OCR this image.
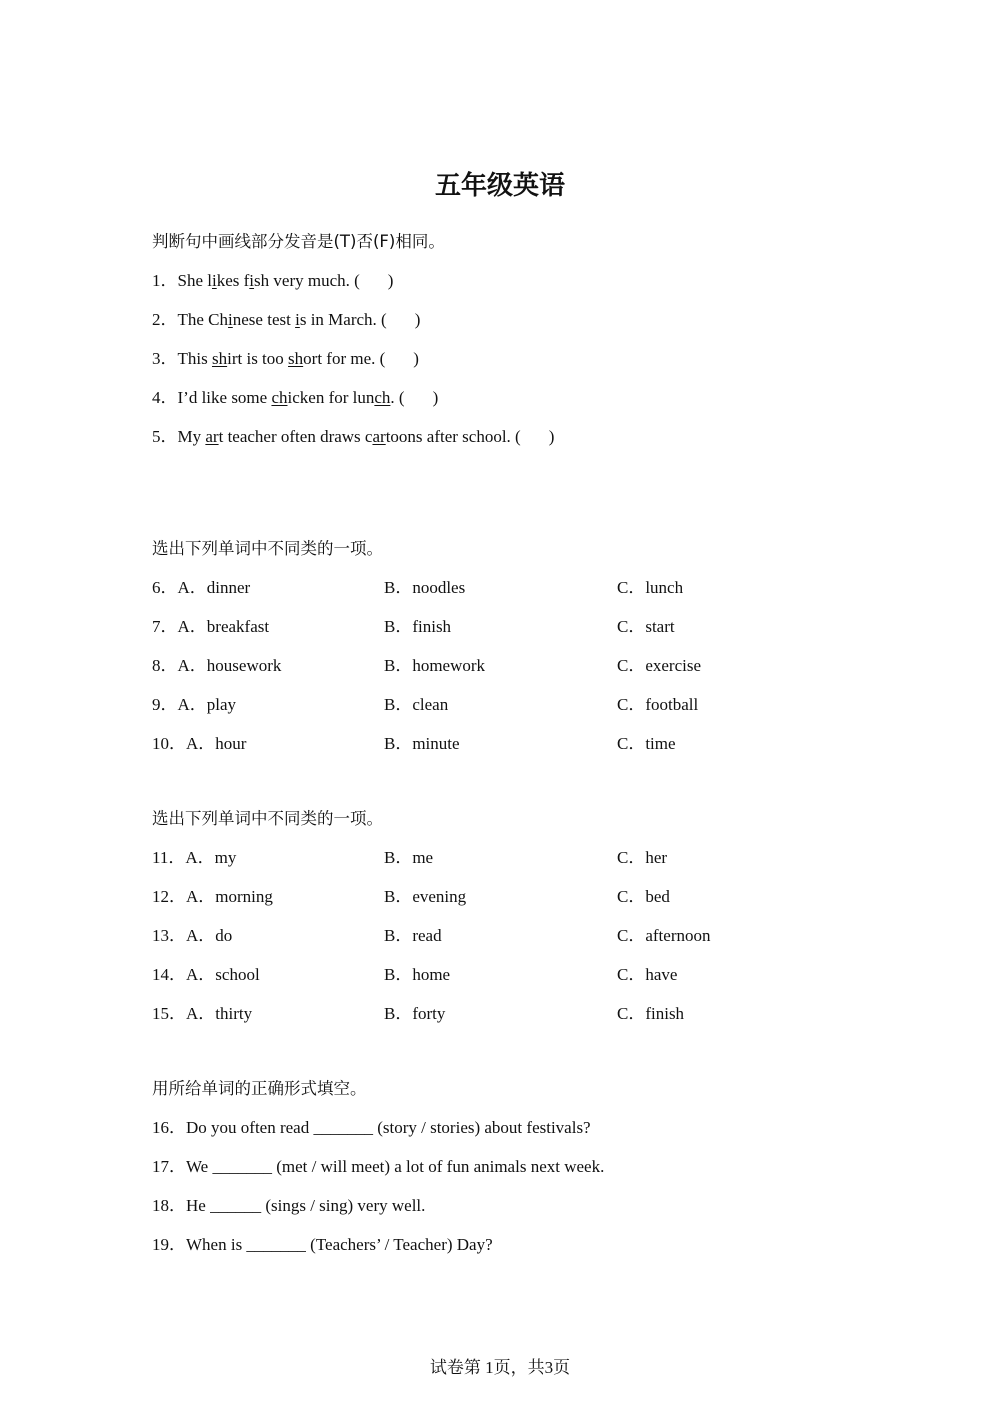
五年级英语
判断句中画线部分发音是(T)否(F)相同。
1．She likes fish very much. ( )
2．The Chinese test is in March. ( )
3．This shirt is too short for me. ( )
4．I’d like some chicken for lunch. ( )
5．My art teacher often draws cartoons after school. ( )
选出下列单词中不同类的一项。
6．A．dinner	B．noodles	C．lunch
7．A．breakfast	B．finish	C．start
8．A．housework	B．homework	C．exercise
9．A．play	B．clean	C．football
10．A．hour	B．minute	C．time
选出下列单词中不同类的一项。
11．A．my	B．me	C．her
12．A．morning	B．evening	C．bed
13．A．do	B．read	C．afternoon
14．A．school	B．home	C．have
15．A．thirty	B．forty	C．finish
用所给单词的正确形式填空。
16．Do you often read _______ (story / stories) about festivals?
17．We _______ (met / will meet) a lot of fun animals next week.
18．He ______ (sings / sing) very well.
19．When is _______ (Teachers’ / Teacher) Day?
试卷第 1页，共3页
